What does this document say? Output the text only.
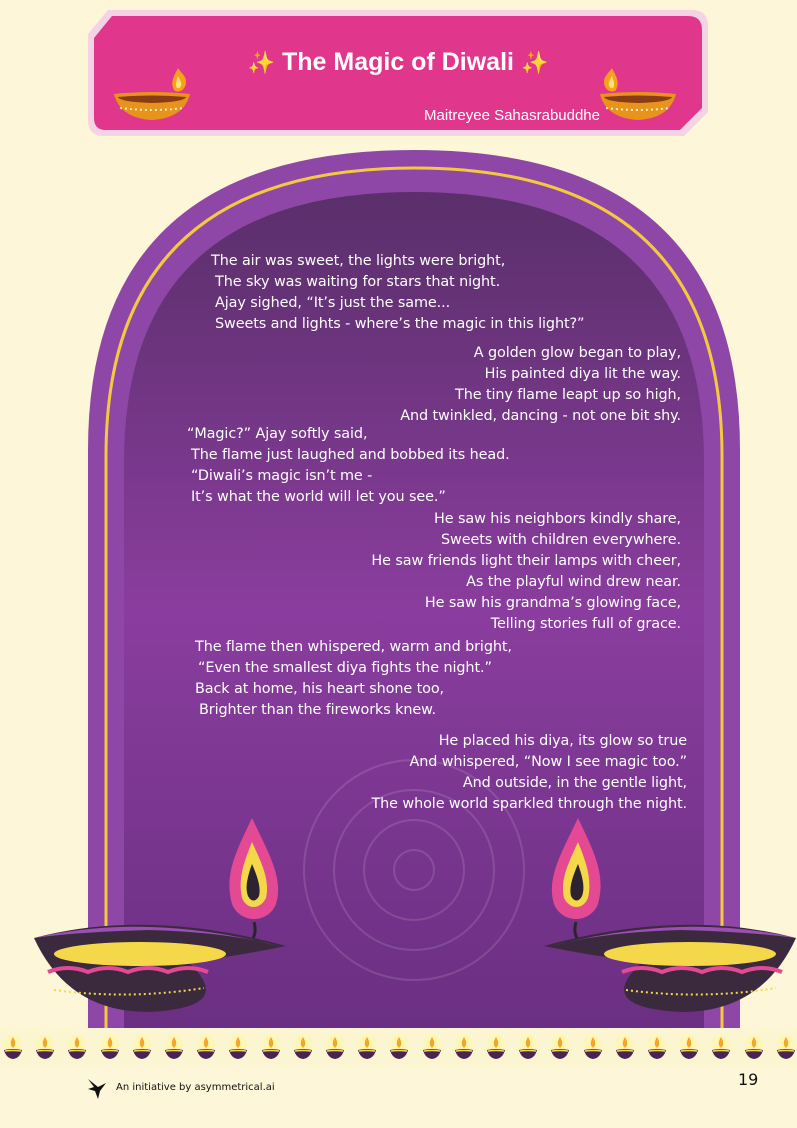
✨ The Magic of Diwali ✨
Maitreyee Sahasrabuddhe
The air was sweet, the lights were bright,
The sky was waiting for stars that night.
Ajay sighed, “It’s just the same...
Sweets and lights - where’s the magic in this light?”
A golden glow began to play,
His painted diya lit the way.
The tiny flame leapt up so high,
And twinkled, dancing - not one bit shy.
“Magic?” Ajay softly said,
The flame just laughed and bobbed its head.
“Diwali’s magic isn’t me -
It’s what the world will let you see.”
He saw his neighbors kindly share,
Sweets with children everywhere.
He saw friends light their lamps with cheer,
As the playful wind drew near.
He saw his grandma’s glowing face,
Telling stories full of grace.
The flame then whispered, warm and bright,
“Even the smallest diya fights the night.”
Back at home, his heart shone too,
Brighter than the fireworks knew.
He placed his diya, its glow so true
And whispered, “Now I see magic too.”
And outside, in the gentle light,
The whole world sparkled through the night.
An initiative by asymmetrical.ai	19
